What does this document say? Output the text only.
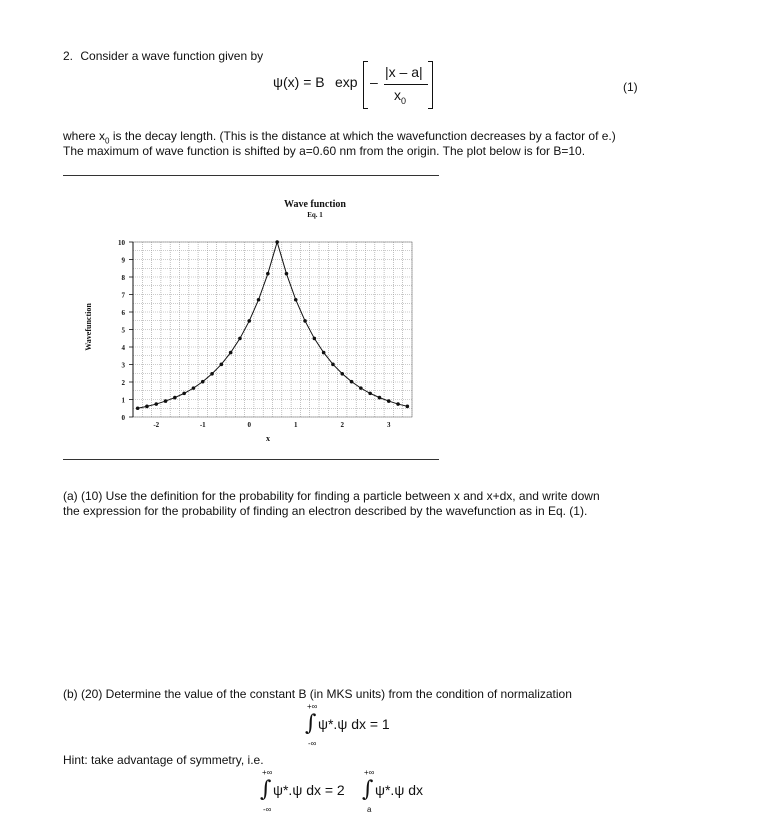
2. Consider a wave function given by
ψ(x) = B exp –
|x – a|
$x_0$
(1)
where $x_0$ is the decay length. (This is the distance at which the wavefunction decreases by a factor of e.)
The maximum of wave function is shifted by a=0.60 nm from the origin. The plot below is for B=10.
Wave function
Eq. 1
0
1
2
3
4
5
6
7
8
9
10
-2	-1	0	1	2	3
x
Wavefunction
(a) (10) Use the definition for the probability for finding a particle between x and x+dx, and write down
the expression for the probability of finding an electron described by the wavefunction as in Eq. (1).
(b) (20) Determine the value of the constant B (in MKS units) from the condition of normalization
+∞
∫
-∞
ψ*.ψ dx = 1
Hint: take advantage of symmetry, i.e.
+∞
∫
-∞
ψ*.ψ dx = 2
+∞
∫
a
ψ*.ψ dx
